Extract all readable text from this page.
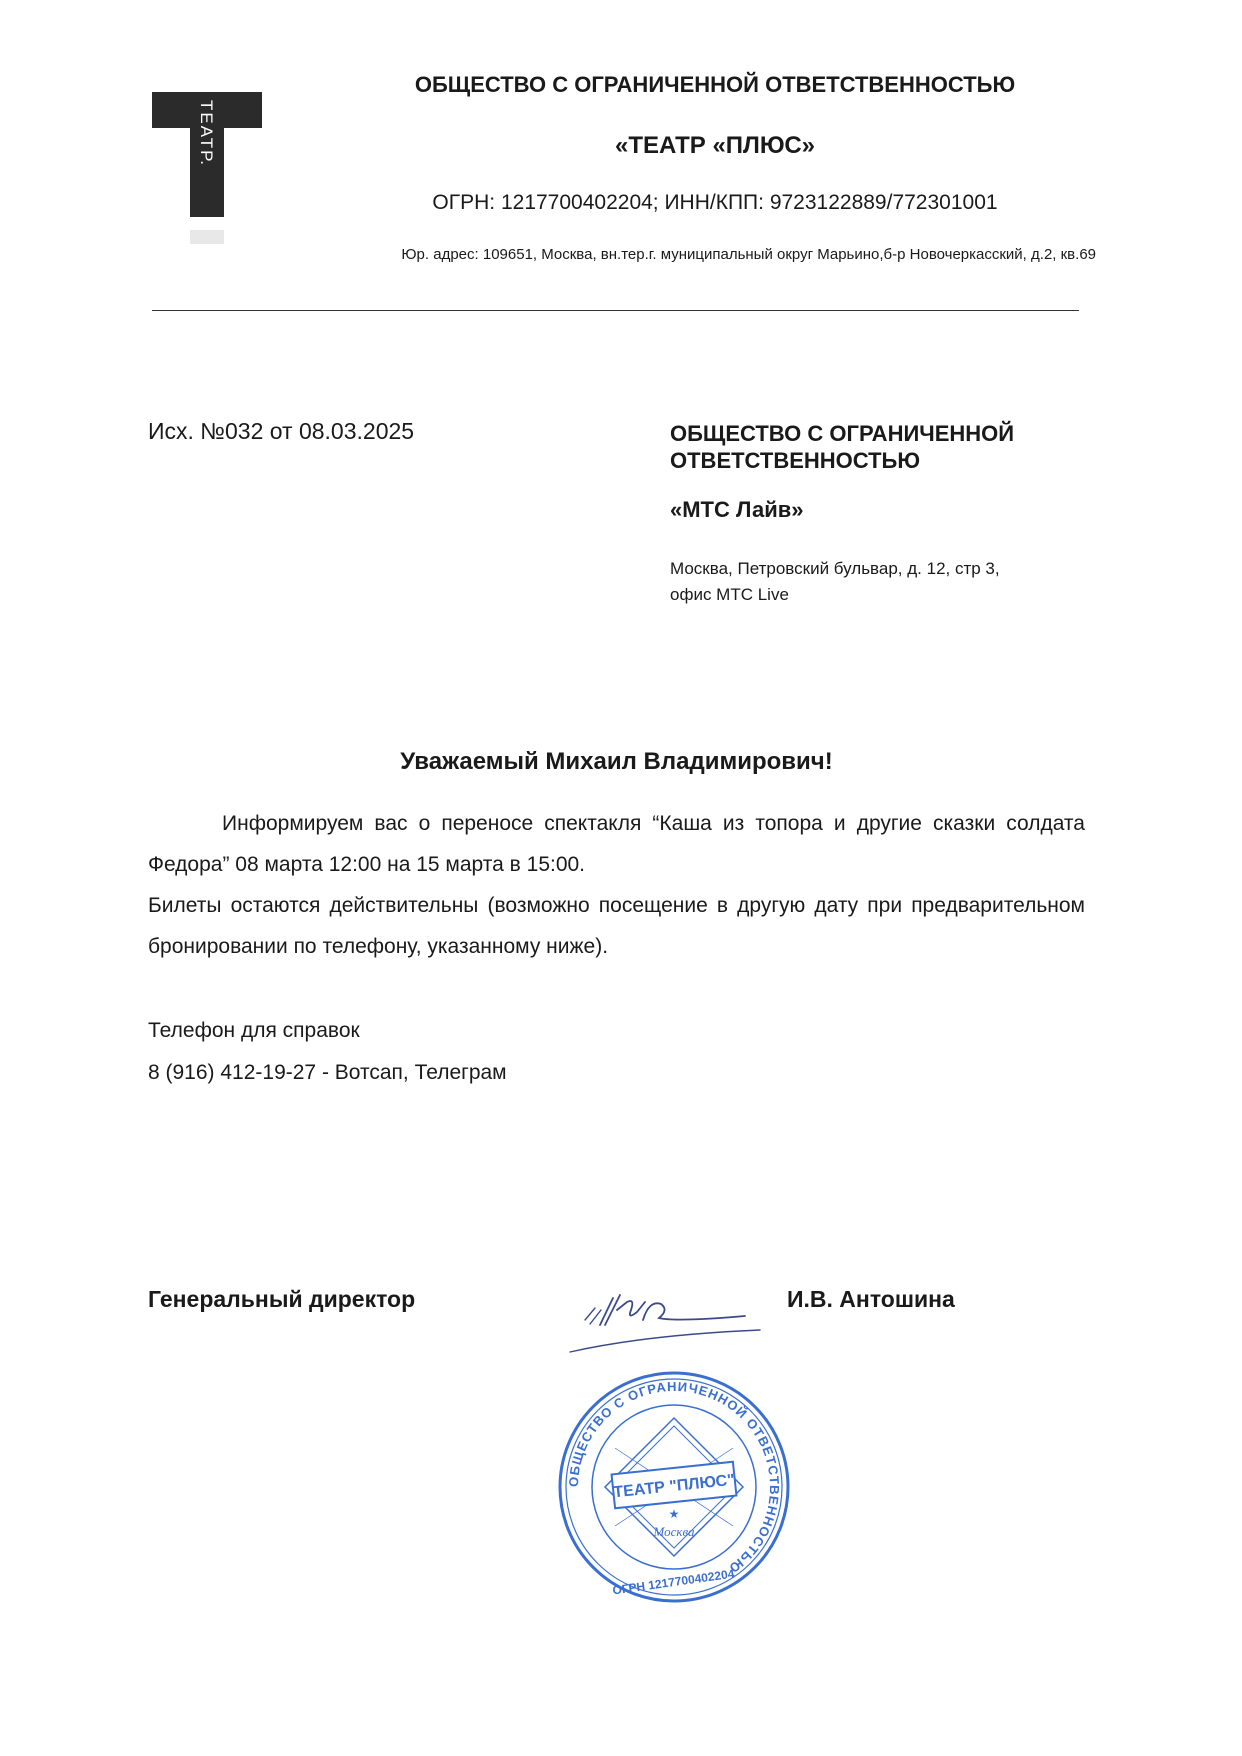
ТЕАТР.
ОБЩЕСТВО С ОГРАНИЧЕННОЙ ОТВЕТСТВЕННОСТЬЮ
«ТЕАТР «ПЛЮС»
ОГРН: 1217700402204; ИНН/КПП: 9723122889/772301001
Юр. адрес: 109651, Москва, вн.тер.г. муниципальный округ Марьино,б-р Новочеркасский, д.2, кв.69
Исх. №032 от 08.03.2025	ОБЩЕСТВО С ОГРАНИЧЕННОЙ ОТВЕТСТВЕННОСТЬЮ
«МТС Лайв»
Москва, Петровский бульвар, д. 12, стр 3,
офис МТС Live
Уважаемый Михаил Владимирович!

Информируем вас о переносе спектакля “Каша из топора и другие сказки солдата Федора” 08 марта 12:00 на 15 марта в 15:00.

Билеты остаются действительны (возможно посещение в другую дату при предварительном бронировании по телефону, указанному ниже).

Телефон для справок
8 (916) 412-19-27 - Вотсап, Телеграм
Генеральный директор	И.В. Антошина
ОБЩЕСТВО С ОГРАНИЧЕННОЙ ОТВЕТСТВЕННОСТЬЮ
ОГРН 1217700402204
ТЕАТР "ПЛЮС"
★
Москва
